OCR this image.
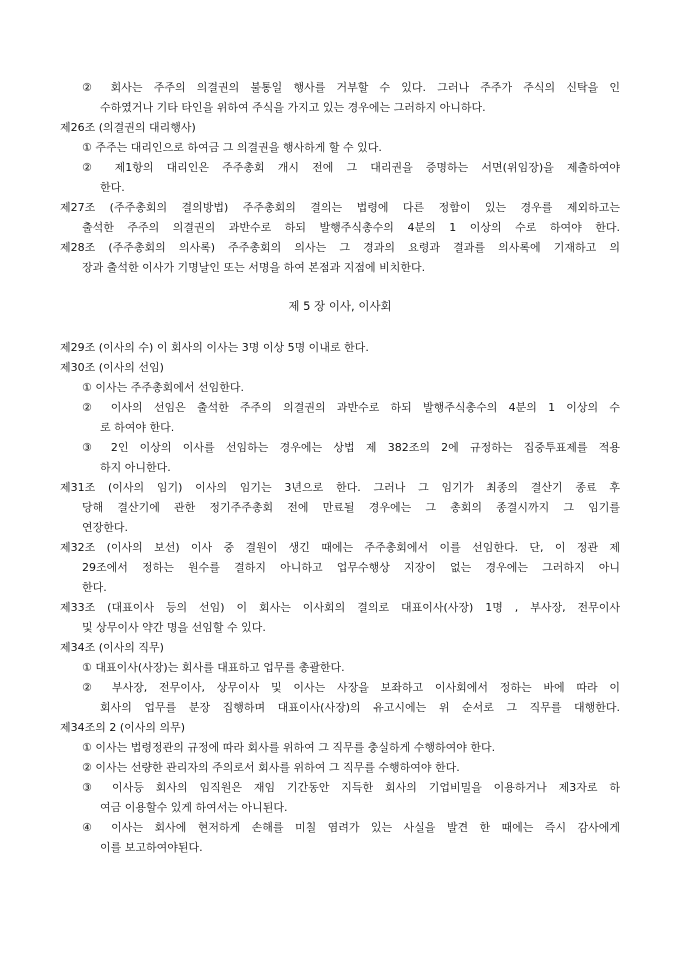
② 회사는 주주의 의결권의 불통일 행사를 거부할 수 있다. 그러나 주주가 주식의 신탁을 인
수하였거나 기타 타인을 위하여 주식을 가지고 있는 경우에는 그러하지 아니하다.
제26조 (의결권의 대리행사)
① 주주는 대리인으로 하여금 그 의결권을 행사하게 할 수 있다.
② 제1항의 대리인은 주주총회 개시 전에 그 대리권을 증명하는 서면(위임장)을 제출하여야
한다.
제27조 (주주총회의 결의방법) 주주총회의 결의는 법령에 다른 정함이 있는 경우를 제외하고는
출석한 주주의 의결권의 과반수로 하되 발행주식총수의 4분의 1 이상의 수로 하여야 한다.
제28조 (주주총회의 의사록) 주주총회의 의사는 그 경과의 요령과 결과를 의사록에 기재하고 의
장과 출석한 이사가 기명날인 또는 서명을 하여 본점과 지점에 비치한다.
제 5 장 이사, 이사회
제29조 (이사의 수) 이 회사의 이사는 3명 이상 5명 이내로 한다.
제30조 (이사의 선임)
① 이사는 주주총회에서 선임한다.
② 이사의 선임은 출석한 주주의 의결권의 과반수로 하되 발행주식총수의 4분의 1 이상의 수
로 하여야 한다.
③ 2인 이상의 이사를 선임하는 경우에는 상법 제 382조의 2에 규정하는 집중투표제를 적용
하지 아니한다.
제31조 (이사의 임기) 이사의 임기는 3년으로 한다. 그러나 그 임기가 최종의 결산기 종료 후
당해 결산기에 관한 정기주주총회 전에 만료될 경우에는 그 총회의 종결시까지 그 임기를
연장한다.
제32조 (이사의 보선) 이사 중 결원이 생긴 때에는 주주총회에서 이를 선임한다. 단, 이 정관 제
29조에서 정하는 원수를 결하지 아니하고 업무수행상 지장이 없는 경우에는 그러하지 아니
한다.
제33조 (대표이사 등의 선임) 이 회사는 이사회의 결의로 대표이사(사장) 1명 , 부사장, 전무이사
및 상무이사 약간 명을 선임할 수 있다.
제34조 (이사의 직무)
① 대표이사(사장)는 회사를 대표하고 업무를 총괄한다.
② 부사장, 전무이사, 상무이사 및 이사는 사장을 보좌하고 이사회에서 정하는 바에 따라 이
회사의 업무를 분장 집행하며 대표이사(사장)의 유고시에는 위 순서로 그 직무를 대행한다.
제34조의 2 (이사의 의무)
① 이사는 법령정관의 규정에 따라 회사를 위하여 그 직무를 충실하게 수행하여야 한다.
② 이사는 선량한 관리자의 주의로서 회사를 위하여 그 직무를 수행하여야 한다.
③ 이사등 회사의 임직원은 재임 기간동안 지득한 회사의 기업비밀을 이용하거나 제3자로 하
여금 이용할수 있게 하여서는 아니된다.
④ 이사는 회사에 현저하게 손해를 미칠 염려가 있는 사실을 발견 한 때에는 즉시 감사에게
이를 보고하여야된다.
